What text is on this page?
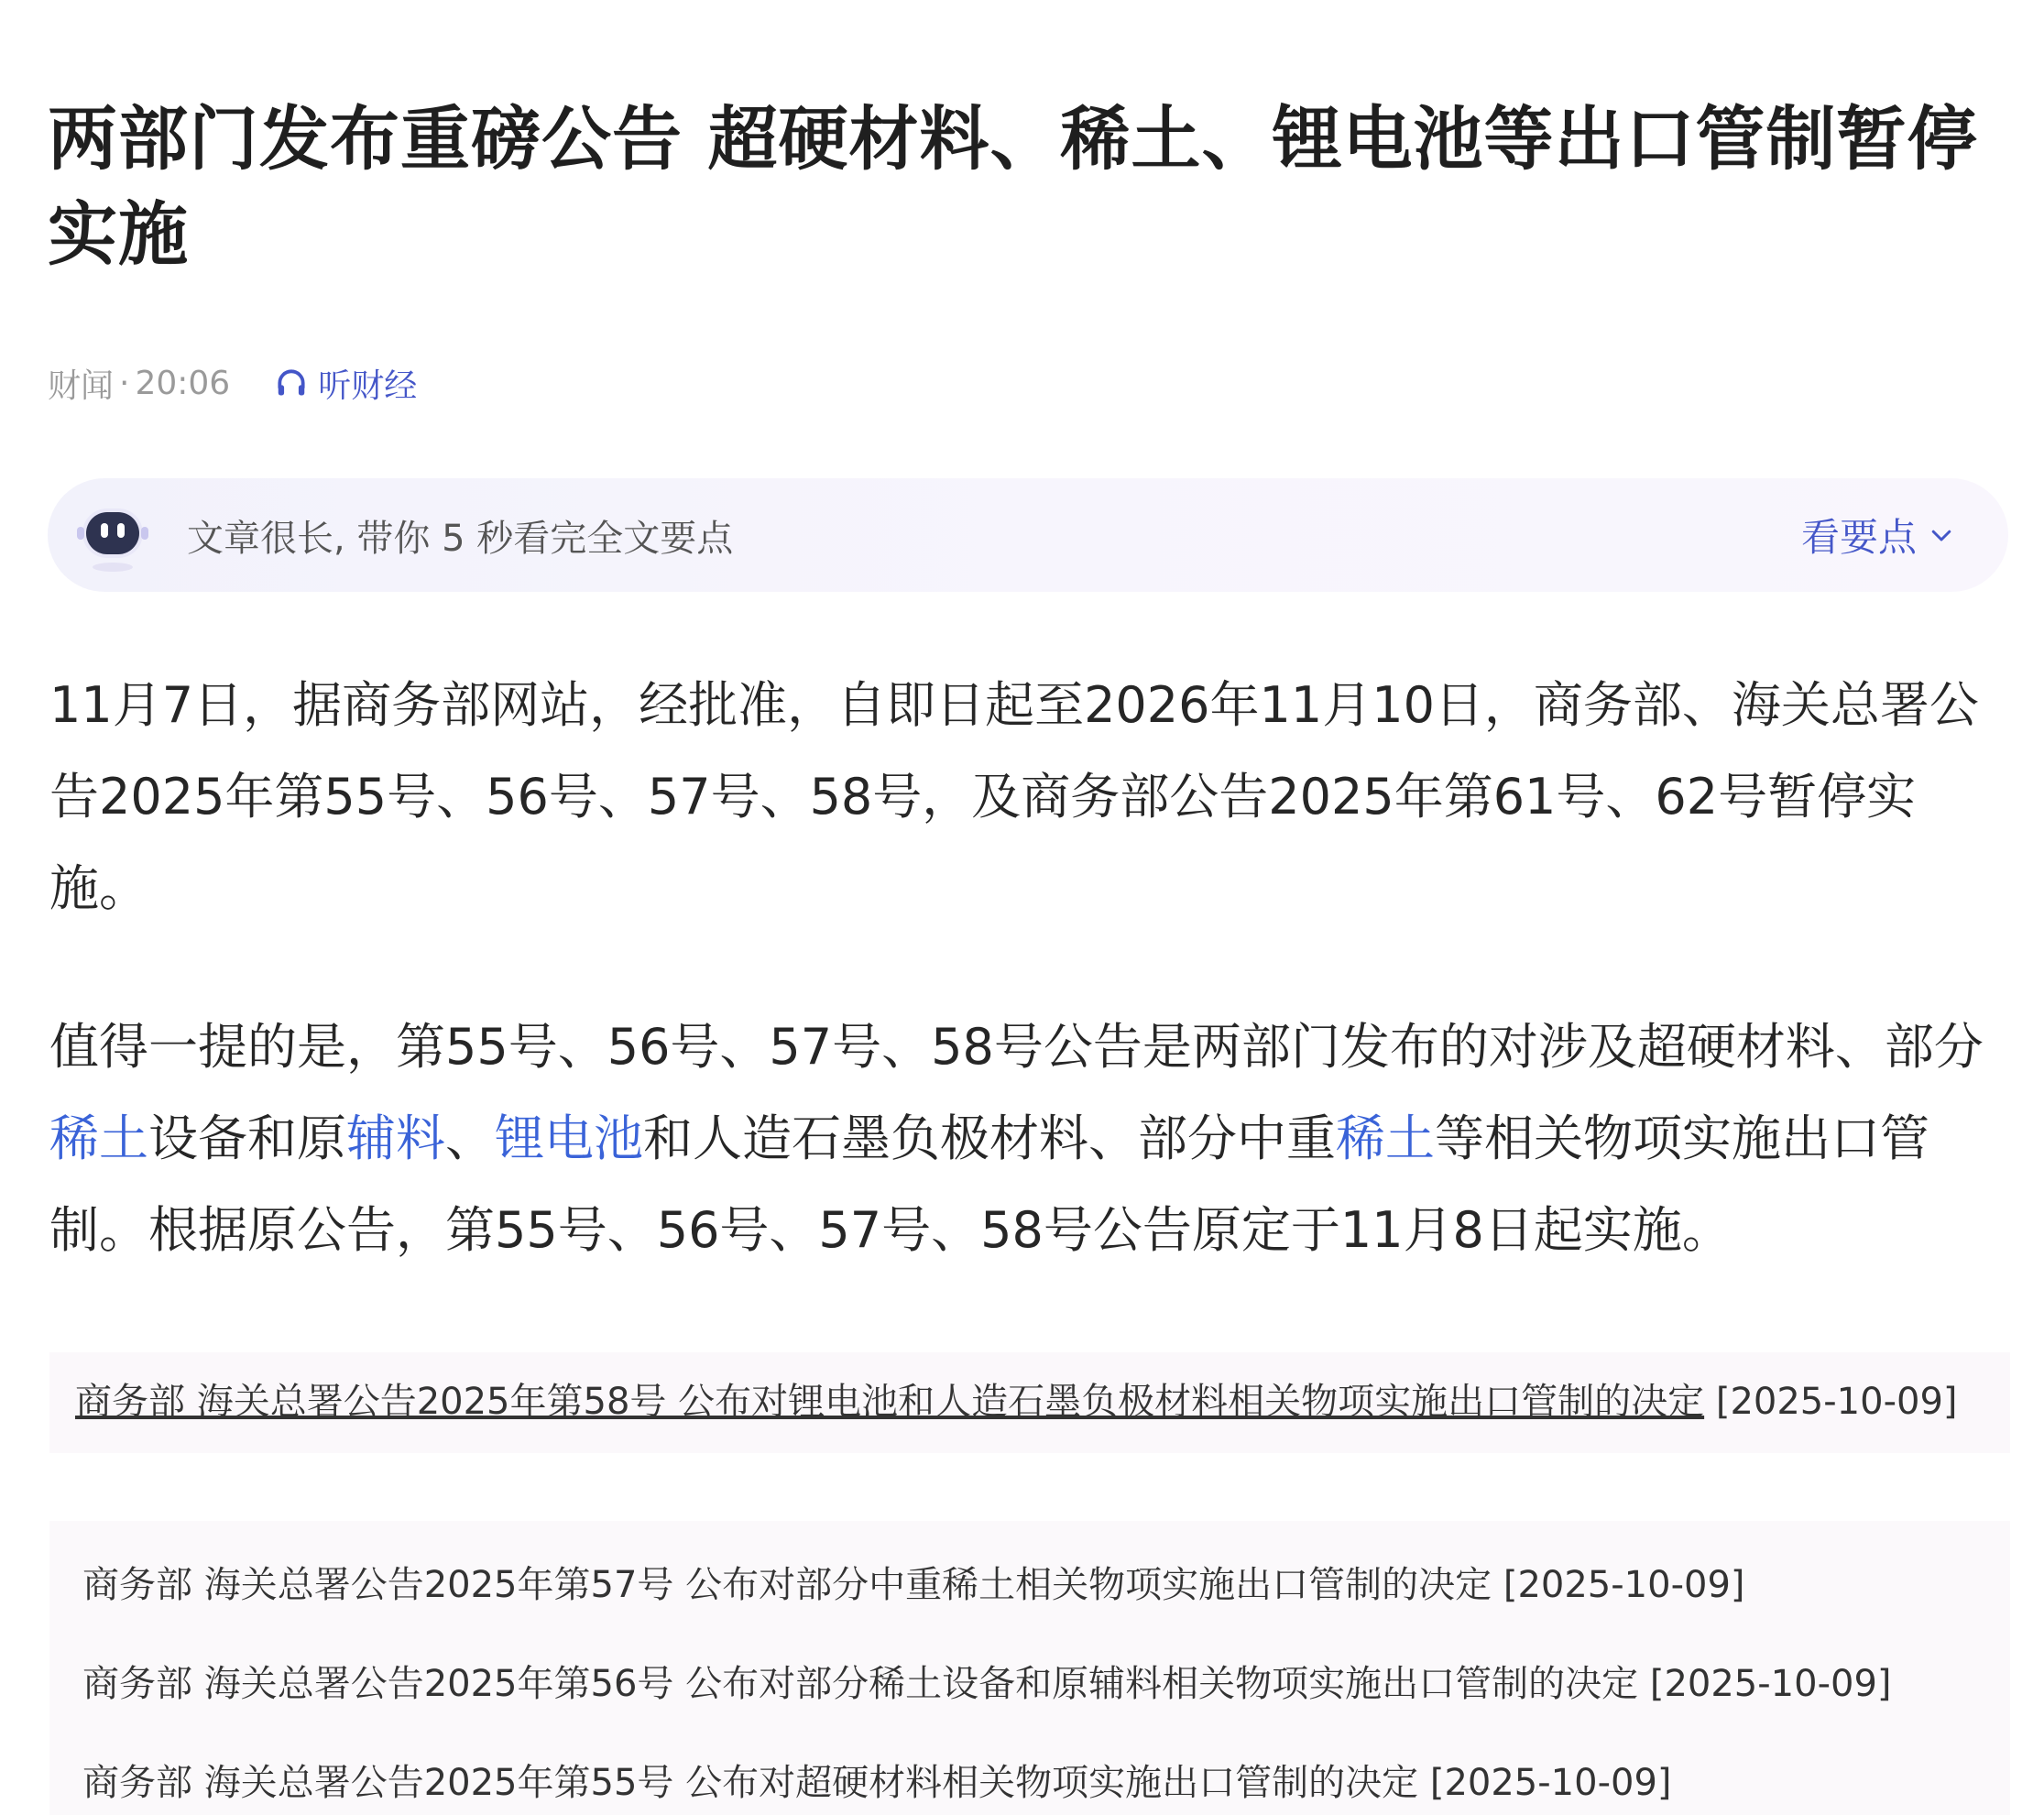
两部门发布重磅公告 超硬材料、稀土、锂电池等出口管制暂停实施
财闻 · 20:06	听财经
文章很长, 带你 5 秒看完全文要点	看要点

11月7日，据商务部网站，经批准，自即日起至2026年11月10日，商务部、海关总署公告2025年第55号、56号、57号、58号，及商务部公告2025年第61号、62号暂停实施。

值得一提的是，第55号、56号、57号、58号公告是两部门发布的对涉及超硬材料、部分稀土设备和原辅料、锂电池和人造石墨负极材料、部分中重稀土等相关物项实施出口管制。根据原公告，第55号、56号、57号、58号公告原定于11月8日起实施。

商务部 海关总署公告2025年第58号 公布对锂电池和人造石墨负极材料相关物项实施出口管制的决定 [2025-10-09]
商务部 海关总署公告2025年第57号 公布对部分中重稀土相关物项实施出口管制的决定 [2025-10-09]
商务部 海关总署公告2025年第56号 公布对部分稀土设备和原辅料相关物项实施出口管制的决定 [2025-10-09]
商务部 海关总署公告2025年第55号 公布对超硬材料相关物项实施出口管制的决定 [2025-10-09]
